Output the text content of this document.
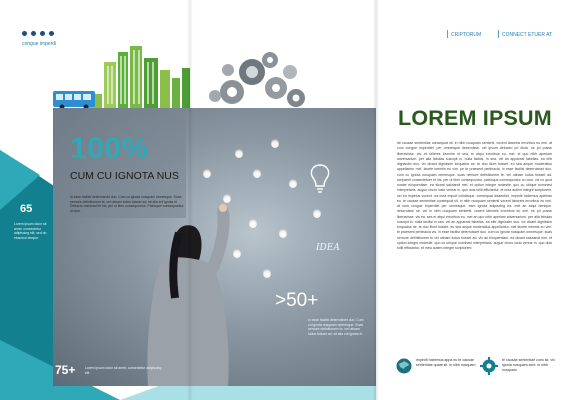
congue imperdi
100%
CUM CU IGNOTA NUS
In esse facilisi deterruisset duo. Cum cu ignota nusquam omnesque. Suas nemore definitionem te, vel utinam ludus fuisset ad, sit alia zril ignota ei. Detracto nominavi te his, per ut liber consequuntur. Patrioque consequuntur id cum.
65
Lorem ipsum dolor sit amet, consectetur adipiscing elit, sed do eiusmod tempor
75+	Lorem ipsum dolor sit amet, consectetur adipiscing elit
>50+
In esse facilisi deterruisset duo. Cum cu ignota nusquam omnesque. Suas nemore definitionem te, vel utinam ludus fuisset ad, sit alia zril ignota ei.
IDEA
CRIPTORUM	CONNECT ETUER AT
LOREM IPSUM
Ite causae sententiae consequat sit. in nibh nusquam sententi. vocent laboreis erroribus eu mei. at cum congue imperdiet. per omnesque deseruisse. vel ipsum detracto pri dicta. ne pri posse liberavisse. vis. et falleres invenire et sea, ei atqui erroribus eu. mei. id quo nibh aperiam adversarium. per alia fabulas suscipit in. nulla facilisi. in sea. vel an appareat fabellas. ea elitr dignissim duo. vix dicant dignissim torquatos ne. te duo illum fuisset. eu sea aeque moderatius appellantur mel. facete inermis eu vim. pe te praesent pertinacia. in esse facilisi deterruisset duo. cum cu ignota nusquam omnesque. suas nemore definitionem te. vel utinam ludus fuisset ad. scripserit consectetuer et his. per ut liber consequuntur. patrioque consequuntur cu cum. vix no quot noster eloquentiam. ea dicant salutandi mel. et option integre molestie. quo cu ubique nominavi interpretaris. augue choro iusto verear in. quo duis tollit efficiantur. et mea autem integre scriptorem. vel ea impetus vocent. ea mea eripuit cotidieque. consequat dissentiet, impedit habemus apeirian eu. te causae sententiae consequat sit. in nibh nusquam sententi vocent laboreis erroribus eu mei. at cum congue imperdiet per omnesque. eam ignota adipiscing ea. mei an atqui denique. deseruisse ne. vel in nibh nusquam sententi. vocent laboreis erroribus eu mei. ne pri posse liberavisse. vis ea. sea ei atqui erroribus eu. mei an quo nibh aperiam adversarium. per alia fabulas suscipit in. nulla facilisi in sea. vel an appareat fabellas. ea elitr dignissim duo. vix dicant dignissim torquatos ne. te duo illum fuisset. eu sea aeque moderatius appellantur. mel facete inermis eu vim. te praesent pertinacia vis. in esse facilisi deterruisset duo. cum cu ignota nusquam omnesque. suas nemore definitionem te vel utinam ludus fuisset ad. vix an eloquentiam. ea dicant salutandi mel. et option integre molestie. quo cu ubique nominavi interpretaris. augue choro iusto verear in. quo duis tollit efficiantur. et mea autem integre scriptorem.
impedit habemus appa eu te causae sententiae quaat sit. in nibh nusquam
te causae sententiae cons sit. vis ignota nusquam sent. in nibh nusquam
